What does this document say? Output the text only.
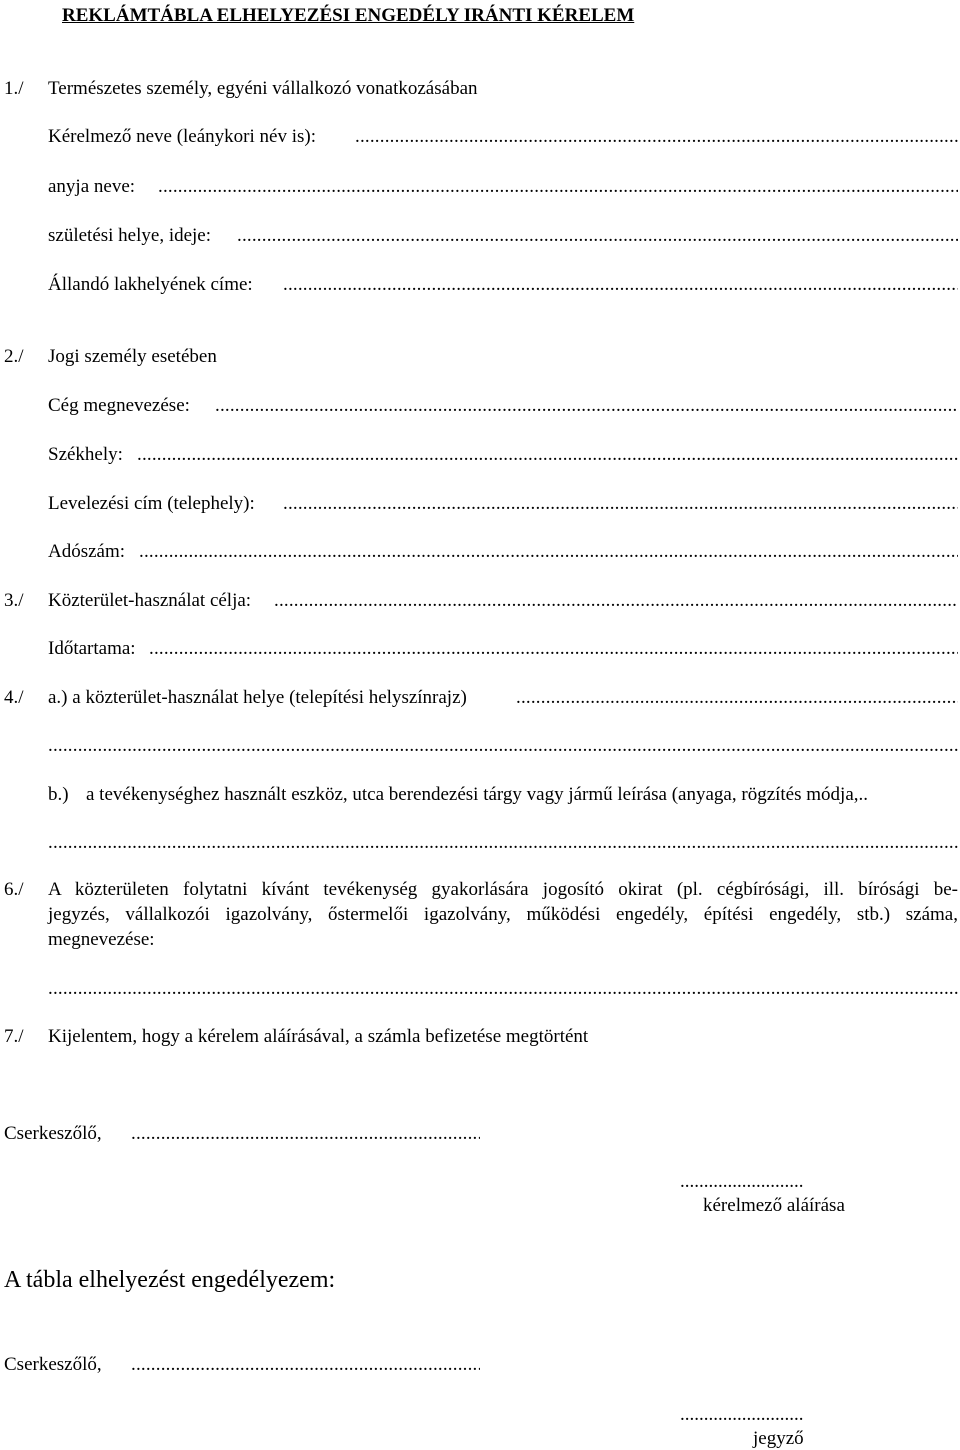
REKLÁMTÁBLA ELHELYEZÉSI ENGEDÉLY IRÁNTI KÉRELEM
1./ Természetes személy, egyéni vállalkozó vonatkozásában
Kérelmező neve (leánykori név is):
.....
anyja neve:
.....
születési helye, ideje:
.....
Állandó lakhelyének címe:
.....
2./ Jogi személy esetében
Cég megnevezése:
.....
Székhely:
.....
Levelezési cím (telephely):
.....
Adószám:
.....
3./ Közterület-használat célja:
.....
Időtartama:
.....
4./ a.) a közterület-használat helye (telepítési helyszínrajz)
.....
.....
b.) a tevékenységhez használt eszköz, utca berendezési tárgy vagy jármű leírása (anyaga, rögzítés módja,..
.....
6./ A közterületen folytatni kívánt tevékenység gyakorlására jogosító okirat (pl. cégbírósági, ill. bírósági be-
jegyzés, vállalkozói igazolvány, őstermelői igazolvány, működési engedély, építési engedély, stb.) száma,
megnevezése:
.....
7./ Kijelentem, hogy a kérelem aláírásával, a számla befizetése megtörtént
Cserkeszőlő,
.....
..........................
kérelmező aláírása
A tábla elhelyezést engedélyezem:
Cserkeszőlő,
.....
..........................
jegyző
